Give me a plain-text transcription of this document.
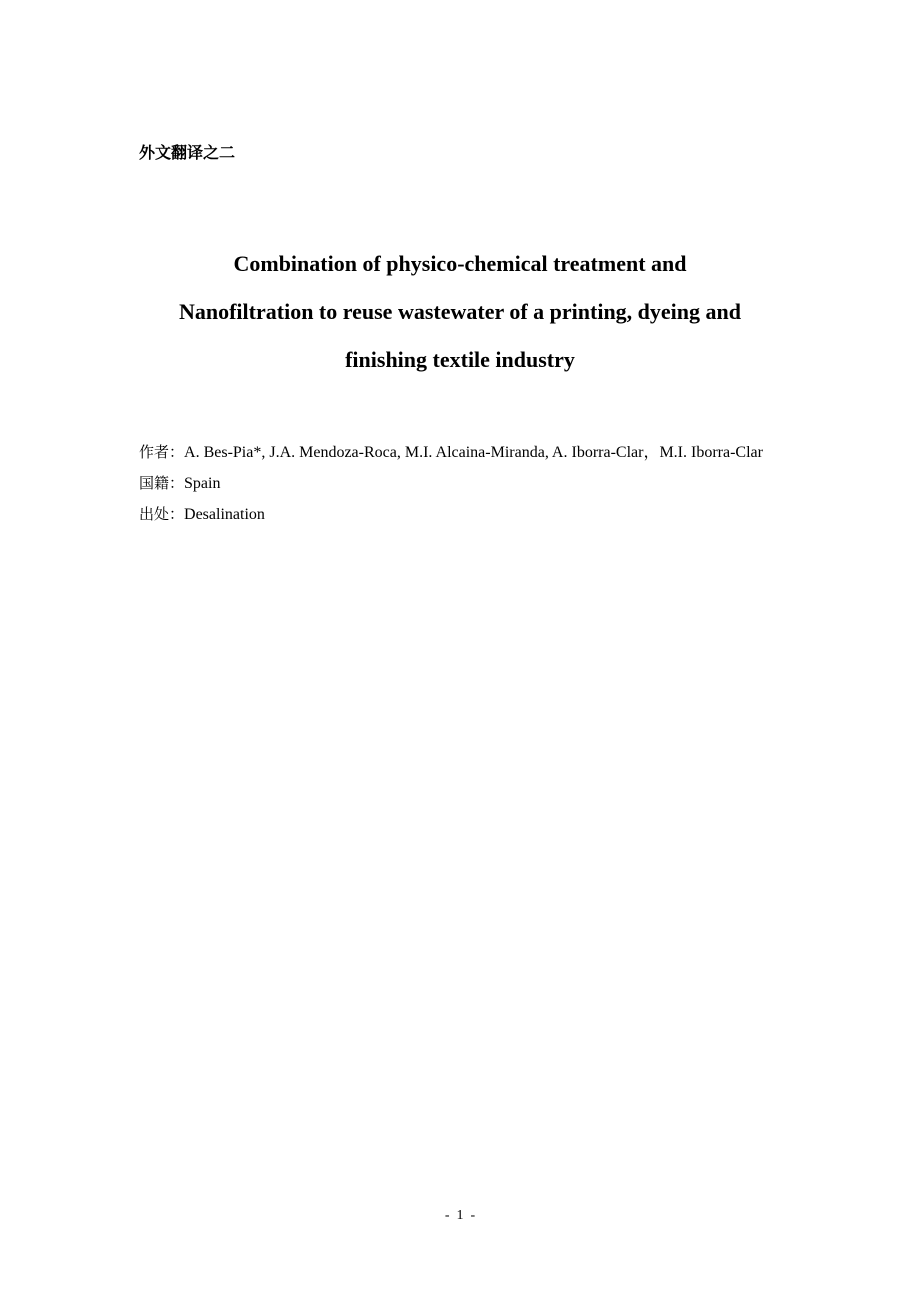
外文翻译之二
Combination of physico-chemical treatment and
Nanofiltration to reuse wastewater of a printing, dyeing and
finishing textile industry
作者：A. Bes-Pia*, J.A. Mendoza-Roca, M.I. Alcaina-Miranda, A. Iborra-Clar，M.I. Iborra-Clar
国籍：Spain
出处：Desalination
-  1  -
